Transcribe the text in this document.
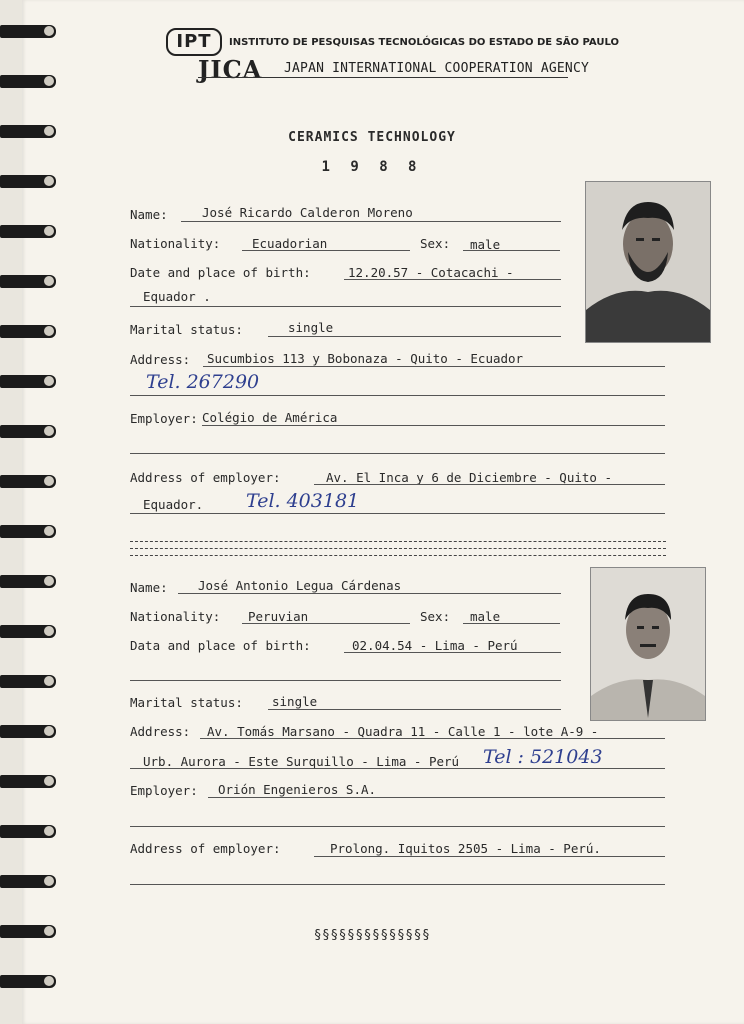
IPT	INSTITUTO DE PESQUISAS TECNOLÓGICAS DO ESTADO DE SÃO PAULO
JICA JAPAN INTERNATIONAL COOPERATION AGENCY
CERAMICS TECHNOLOGY
1 9 8 8
Name:	José Ricardo Calderon Moreno
Nationality:	Ecuadorian	Sex: male
Date and place of birth:	12.20.57 - Cotacachi -
Equador .
Marital status:	single
Address: Sucumbios 113 y Bobonaza - Quito - Ecuador
Tel. 267290
Employer: Colégio de América
Address of employer:	Av. El Inca y 6 de Diciembre - Quito -
Equador. Tel. 403181
Name: José Antonio Legua Cárdenas
Nationality: Peruvian	Sex: male
Data and place of birth:	02.04.54 - Lima - Perú
Marital status: single
Address: Av. Tomás Marsano - Quadra 11 - Calle 1 - lote A-9 -
Urb. Aurora - Este Surquillo - Lima - Perú Tel : 521043
Employer: Orión Engenieros S.A.
Address of employer:	Prolong. Iquitos 2505 - Lima - Perú.
§§§§§§§§§§§§§§
